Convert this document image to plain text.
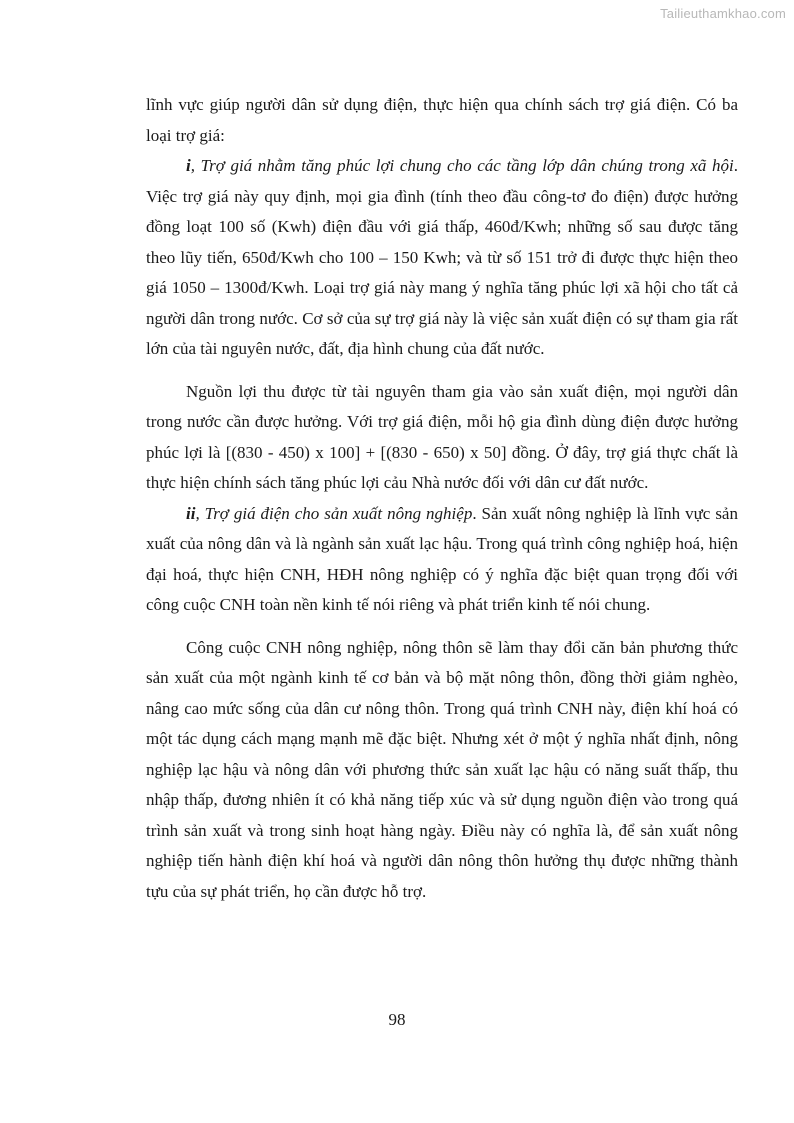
Tailieuthamkhao.com

lĩnh vực giúp người dân sử dụng điện, thực hiện qua chính sách trợ giá điện. Có ba loại trợ giá:

i, Trợ giá nhằm tăng phúc lợi chung cho các tầng lớp dân chúng trong xã hội. Việc trợ giá này quy định, mọi gia đình (tính theo đầu công-tơ đo điện) được hưởng đồng loạt 100 số (Kwh) điện đầu với giá thấp, 460đ/Kwh; những số sau được tăng theo lũy tiến, 650đ/Kwh cho 100 – 150 Kwh; và từ số 151 trở đi được thực hiện theo giá 1050 – 1300đ/Kwh. Loại trợ giá này mang ý nghĩa tăng phúc lợi xã hội cho tất cả người dân trong nước. Cơ sở của sự trợ giá này là việc sản xuất điện có sự tham gia rất lớn của tài nguyên nước, đất, địa hình chung của đất nước.

Nguồn lợi thu được từ tài nguyên tham gia vào sản xuất điện, mọi người dân trong nước cần được hưởng. Với trợ giá điện, mỗi hộ gia đình dùng điện được hưởng phúc lợi là [(830 - 450) x 100] + [(830 - 650) x 50] đồng. Ở đây, trợ giá thực chất là thực hiện chính sách tăng phúc lợi cảu Nhà nước đối với dân cư đất nước.

ii, Trợ giá điện cho sản xuất nông nghiệp. Sản xuất nông nghiệp là lĩnh vực sản xuất của nông dân và là ngành sản xuất lạc hậu. Trong quá trình công nghiệp hoá, hiện đại hoá, thực hiện CNH, HĐH nông nghiệp có ý nghĩa đặc biệt quan trọng đối với công cuộc CNH toàn nền kinh tế nói riêng và phát triển kinh tế nói chung.

Công cuộc CNH nông nghiệp, nông thôn sẽ làm thay đổi căn bản phương thức sản xuất của một ngành kinh tế cơ bản và bộ mặt nông thôn, đồng thời giảm nghèo, nâng cao mức sống của dân cư nông thôn. Trong quá trình CNH này, điện khí hoá có một tác dụng cách mạng mạnh mẽ đặc biệt. Nhưng xét ở một ý nghĩa nhất định, nông nghiệp lạc hậu và nông dân với phương thức sản xuất lạc hậu có năng suất thấp, thu nhập thấp, đương nhiên ít có khả năng tiếp xúc và sử dụng nguồn điện vào trong quá trình sản xuất và trong sinh hoạt hàng ngày. Điều này có nghĩa là, để sản xuất nông nghiệp tiến hành điện khí hoá và người dân nông thôn hưởng thụ được những thành tựu của sự phát triển, họ cần được hỗ trợ.

98
